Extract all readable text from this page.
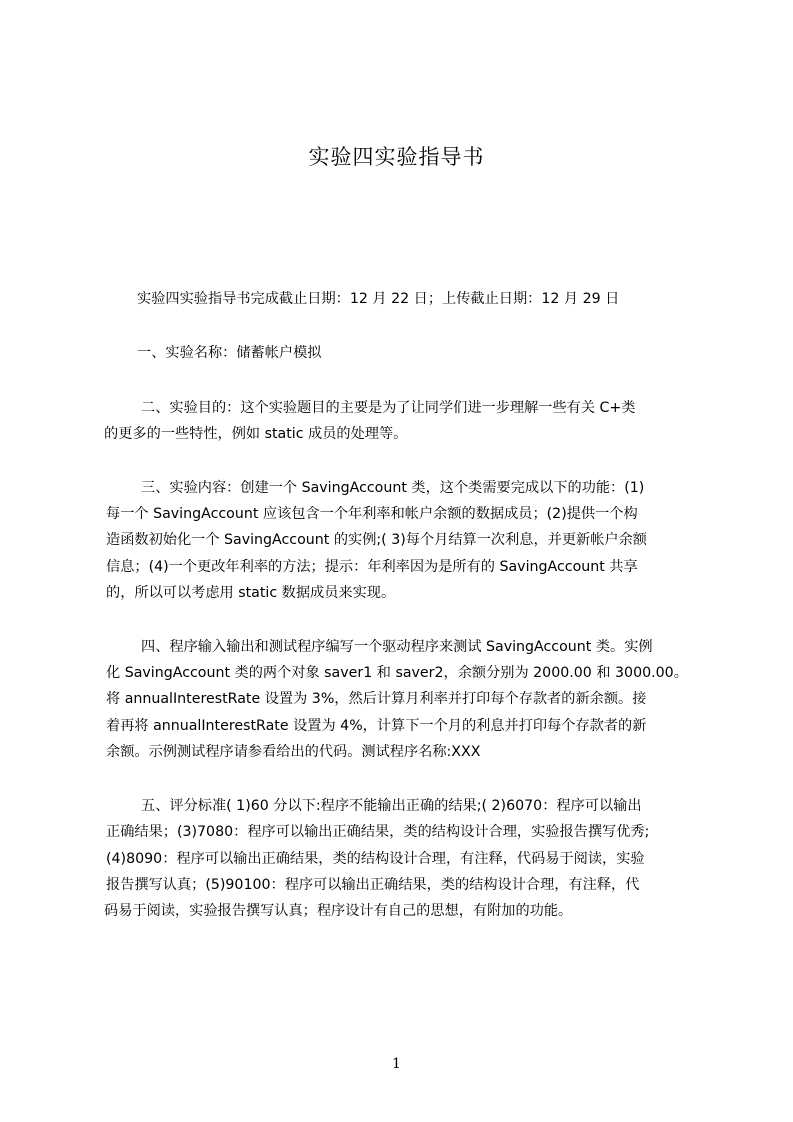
实验四实验指导书
实验四实验指导书完成截止日期：12 月 22 日；上传截止日期：12 月 29 日
一、实验名称：储蓄帐户模拟
二、实验目的：这个实验题目的主要是为了让同学们进一步理解一些有关 C+类
的更多的一些特性，例如 static 成员的处理等。
三、实验内容：创建一个 SavingAccount 类，这个类需要完成以下的功能：(1)
每一个 SavingAccount 应该包含一个年利率和帐户余额的数据成员；(2)提供一个构
造函数初始化一个 SavingAccount 的实例;( 3)每个月结算一次利息，并更新帐户余额
信息；(4)一个更改年利率的方法；提示：年利率因为是所有的 SavingAccount 共享
的，所以可以考虑用 static 数据成员来实现。
四、程序输入输出和测试程序编写一个驱动程序来测试 SavingAccount 类。实例
化 SavingAccount 类的两个对象 saver1 和 saver2，余额分别为 2000.00 和 3000.00。
将 annualInterestRate 设置为 3%，然后计算月利率并打印每个存款者的新余额。接
着再将 annualInterestRate 设置为 4%，计算下一个月的利息并打印每个存款者的新
余额。示例测试程序请参看给出的代码。测试程序名称:XXX
五、评分标准( 1)60 分以下:程序不能输出正确的结果;( 2)6070：程序可以输出
正确结果；(3)7080：程序可以输出正确结果，类的结构设计合理，实验报告撰写优秀;
(4)8090：程序可以输出正确结果，类的结构设计合理，有注释，代码易于阅读，实验
报告撰写认真；(5)90100：程序可以输出正确结果，类的结构设计合理，有注释，代
码易于阅读，实验报告撰写认真；程序设计有自己的思想，有附加的功能。
1
